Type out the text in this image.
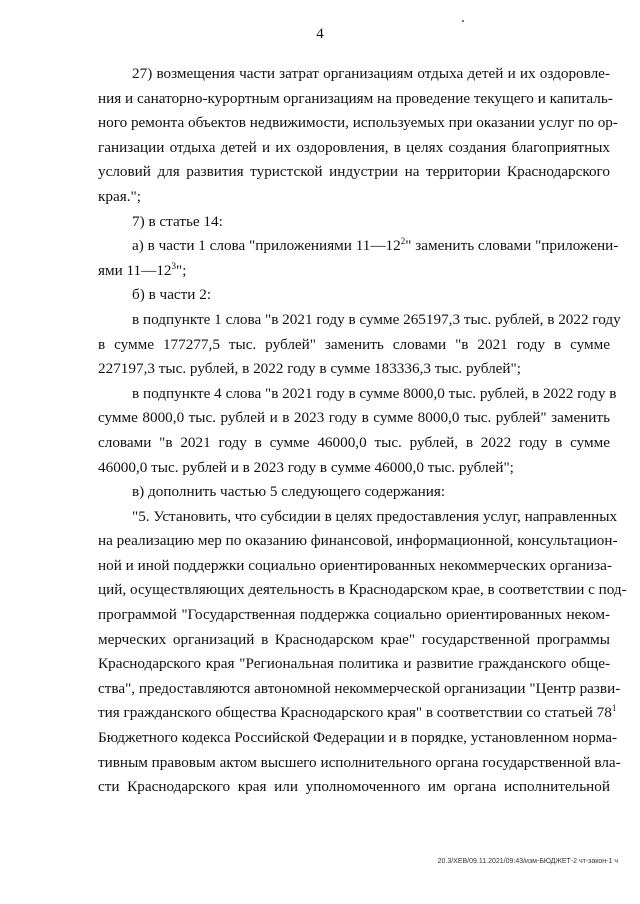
4
27) возмещения части затрат организациям отдыха детей и их оздоровле-
ния и санаторно-курортным организациям на проведение текущего и капиталь-
ного ремонта объектов недвижимости, используемых при оказании услуг по ор-
ганизации отдыха детей и их оздоровления, в целях создания благоприятных
условий для развития туристской индустрии на территории Краснодарского
края.";
7) в статье 14:
а) в части 1 слова "приложениями $11—12^2$" заменить словами "приложени-
ями $11—12^3$";
б) в части 2:
в подпункте 1 слова "в 2021 году в сумме 265197,3 тыс. рублей, в 2022 году
в сумме 177277,5 тыс. рублей" заменить словами "в 2021 году в сумме
227197,3 тыс. рублей, в 2022 году в сумме 183336,3 тыс. рублей";
в подпункте 4 слова "в 2021 году в сумме 8000,0 тыс. рублей, в 2022 году в
сумме 8000,0 тыс. рублей и в 2023 году в сумме 8000,0 тыс. рублей" заменить
словами "в 2021 году в сумме 46000,0 тыс. рублей, в 2022 году в сумме
46000,0 тыс. рублей и в 2023 году в сумме 46000,0 тыс. рублей";
в) дополнить частью 5 следующего содержания:
"5. Установить, что субсидии в целях предоставления услуг, направленных
на реализацию мер по оказанию финансовой, информационной, консультацион-
ной и иной поддержки социально ориентированных некоммерческих организа-
ций, осуществляющих деятельность в Краснодарском крае, в соответствии с под-
программой "Государственная поддержка социально ориентированных неком-
мерческих организаций в Краснодарском крае" государственной программы
Краснодарского края "Региональная политика и развитие гражданского обще-
ства", предоставляются автономной некоммерческой организации "Центр разви-
тия гражданского общества Краснодарского края" в соответствии со статьей $78^1$
Бюджетного кодекса Российской Федерации и в порядке, установленном норма-
тивным правовым актом высшего исполнительного органа государственной вла-
сти Краснодарского края или уполномоченного им органа исполнительной
20.3/ХЕВ/09.11.2021/09:43/изм-БЮДЖЕТ-2 чт-закон-1 ч
